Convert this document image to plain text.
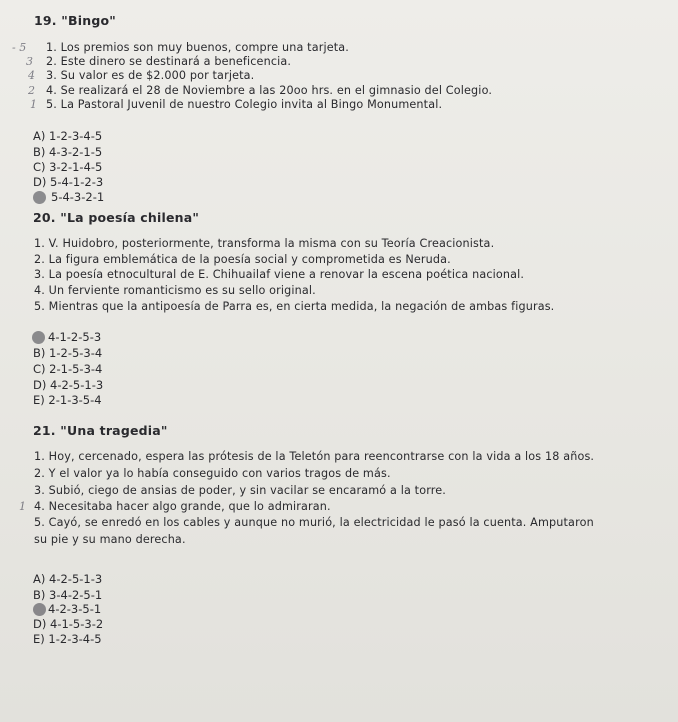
19. "Bingo"
- 5 1. Los premios son muy buenos, compre una tarjeta.
3 2. Este dinero se destinará a beneficencia.
4 3. Su valor es de $2.000 por tarjeta.
2 4. Se realizará el 28 de Noviembre a las 20oo hrs. en el gimnasio del Colegio.
1 5. La Pastoral Juvenil de nuestro Colegio invita al Bingo Monumental.
A) 1-2-3-4-5
B) 4-3-2-1-5
C) 3-2-1-4-5
D) 5-4-1-2-3
5-4-3-2-1
20. "La poesía chilena"
1. V. Huidobro, posteriormente, transforma la misma con su Teoría Creacionista.
2. La figura emblemática de la poesía social y comprometida es Neruda.
3. La poesía etnocultural de E. Chihuailaf viene a renovar la escena poética nacional.
4. Un ferviente romanticismo es su sello original.
5. Mientras que la antipoesía de Parra es, en cierta medida, la negación de ambas figuras.
4-1-2-5-3
B) 1-2-5-3-4
C) 2-1-5-3-4
D) 4-2-5-1-3
E) 2-1-3-5-4
21. "Una tragedia"
1. Hoy, cercenado, espera las prótesis de la Teletón para reencontrarse con la vida a los 18 años.
2. Y el valor ya lo había conseguido con varios tragos de más.
3. Subió, ciego de ansias de poder, y sin vacilar se encaramó a la torre.
1 4. Necesitaba hacer algo grande, que lo admiraran.
5. Cayó, se enredó en los cables y aunque no murió, la electricidad le pasó la cuenta. Amputaron
su pie y su mano derecha.
A) 4-2-5-1-3
B) 3-4-2-5-1
4-2-3-5-1
D) 4-1-5-3-2
E) 1-2-3-4-5
